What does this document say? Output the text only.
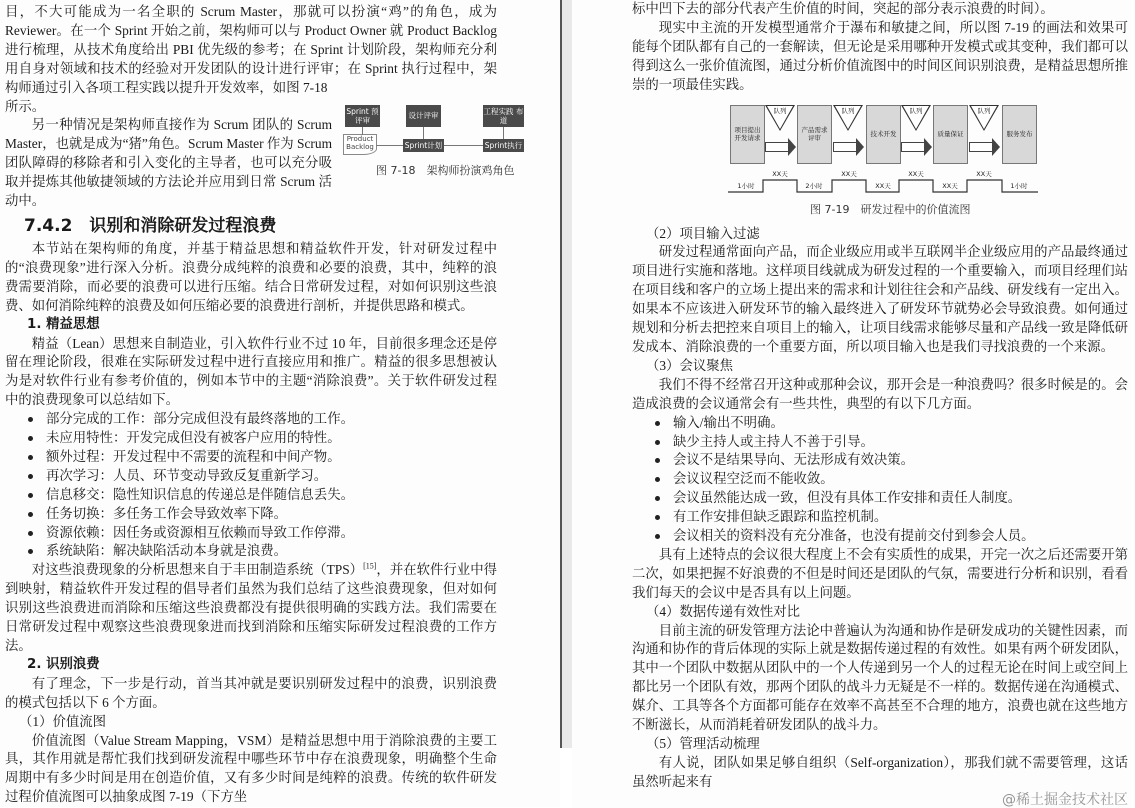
目，不大可能成为一名全职的 Scrum Master，那就可以扮演“鸡”的角色，成为 Reviewer。在一个 Sprint 开始之前，架构师可以与 Product Owner 就 Product Backlog 进行梳理，从技术角度给出 PBI 优先级的参考；在 Sprint 计划阶段，架构师充分利用自身对领域和技术的经验对开发团队的设计进行评审；在 Sprint 执行过程中，架构师通过引入各项工程实践以提升开发效率，如图 7-18

Sprint 预评审	设计评审	工程实践 布道
Product Backlog	Sprint计划	Sprint执行
图 7-18　架构师扮演鸡角色

所示。

另一种情况是架构师直接作为 Scrum 团队的 Scrum Master，也就是成为“猪”角色。Scrum Master 作为 Scrum 团队障碍的移除者和引入变化的主导者，也可以充分吸取并提炼其他敏捷领域的方法论并应用到日常 Scrum 活动中。

7.4.2　识别和消除研发过程浪费

本节站在架构师的角度，并基于精益思想和精益软件开发，针对研发过程中的“浪费现象”进行深入分析。浪费分成纯粹的浪费和必要的浪费，其中，纯粹的浪费需要消除，而必要的浪费可以进行压缩。结合日常研发过程，对如何识别这些浪费、如何消除纯粹的浪费及如何压缩必要的浪费进行剖析，并提供思路和模式。

1. 精益思想

精益（Lean）思想来自制造业，引入软件行业不过 10 年，目前很多理念还是停留在理论阶段，很难在实际研发过程中进行直接应用和推广。精益的很多思想被认为是对软件行业有参考价值的，例如本节中的主题“消除浪费”。关于软件研发过程中的浪费现象可以总结如下。

部分完成的工作：部分完成但没有最终落地的工作。
未应用特性：开发完成但没有被客户应用的特性。
额外过程：开发过程中不需要的流程和中间产物。
再次学习：人员、环节变动导致反复重新学习。
信息移交：隐性知识信息的传递总是伴随信息丢失。
任务切换：多任务工作会导致效率下降。
资源依赖：因任务或资源相互依赖而导致工作停滞。
系统缺陷：解决缺陷活动本身就是浪费。

对这些浪费现象的分析思想来自于丰田制造系统（TPS）[15]，并在软件行业中得到映射，精益软件开发过程的倡导者们虽然为我们总结了这些浪费现象，但对如何识别这些浪费进而消除和压缩这些浪费都没有提供很明确的实践方法。我们需要在日常研发过程中观察这些浪费现象进而找到消除和压缩实际研发过程浪费的工作方法。

2. 识别浪费

有了理念，下一步是行动，首当其冲就是要识别研发过程中的浪费，识别浪费的模式包括以下 6 个方面。

（1）价值流图

价值流图（Value Stream Mapping，VSM）是精益思想中用于消除浪费的主要工具，其作用就是帮忙我们找到研发流程中哪些环节中存在浪费现象，明确整个生命周期中有多少时间是用在创造价值，又有多少时间是纯粹的浪费。传统的软件研发过程价值流图可以抽象成图 7-19（下方坐

标中凹下去的部分代表产生价值的时间，突起的部分表示浪费的时间）。

现实中主流的开发模型通常介于瀑布和敏捷之间，所以图 7-19 的画法和效果可能每个团队都有自己的一套解读，但无论是采用哪种开发模式或其变种，我们都可以得到这么一张价值流图，通过分析价值流图中的时间区间识别浪费，是精益思想所推崇的一项最佳实践。

项目提出 开发请求
产品需求 评审	技术开发	质量保证	服务发布
队列	队列	队列	队列
1小时	2小时	XX天	XX天	1小时
XX天	XX天	XX天	XX天
图 7-19　研发过程中的价值流图
（2）项目输入过滤

研发过程通常面向产品，而企业级应用或半互联网半企业级应用的产品最终通过项目进行实施和落地。这样项目线就成为研发过程的一个重要输入，而项目经理们站在项目线和客户的立场上提出来的需求和计划往往会和产品线、研发线有一定出入。如果本不应该进入研发环节的输入最终进入了研发环节就势必会导致浪费。如何通过规划和分析去把控来自项目上的输入，让项目线需求能够尽量和产品线一致是降低研发成本、消除浪费的一个重要方面，所以项目输入也是我们寻找浪费的一个来源。

（3）会议聚焦

我们不得不经常召开这种或那种会议，那开会是一种浪费吗？很多时候是的。会造成浪费的会议通常会有一些共性，典型的有以下几方面。

输入/输出不明确。
缺少主持人或主持人不善于引导。
会议不是结果导向、无法形成有效决策。
会议议程空泛而不能收敛。
会议虽然能达成一致，但没有具体工作安排和责任人制度。
有工作安排但缺乏跟踪和监控机制。
会议相关的资料没有充分准备，也没有提前交付到参会人员。

具有上述特点的会议很大程度上不会有实质性的成果，开完一次之后还需要开第二次，如果把握不好浪费的不但是时间还是团队的气氛，需要进行分析和识别，看看我们每天的会议中是否具有以上问题。

（4）数据传递有效性对比

目前主流的研发管理方法论中普遍认为沟通和协作是研发成功的关键性因素，而沟通和协作的背后体现的实际上就是数据传递过程的有效性。如果有两个研发团队，其中一个团队中数据从团队中的一个人传递到另一个人的过程无论在时间上或空间上都比另一个团队有效，那两个团队的战斗力无疑是不一样的。数据传递在沟通模式、媒介、工具等各个方面都可能存在效率不高甚至不合理的地方，浪费也就在这些地方不断滋长，从而消耗着研发团队的战斗力。

（5）管理活动梳理

有人说，团队如果足够自组织（Self-organization），那我们就不需要管理，这话虽然听起来有

@稀土掘金技术社区
